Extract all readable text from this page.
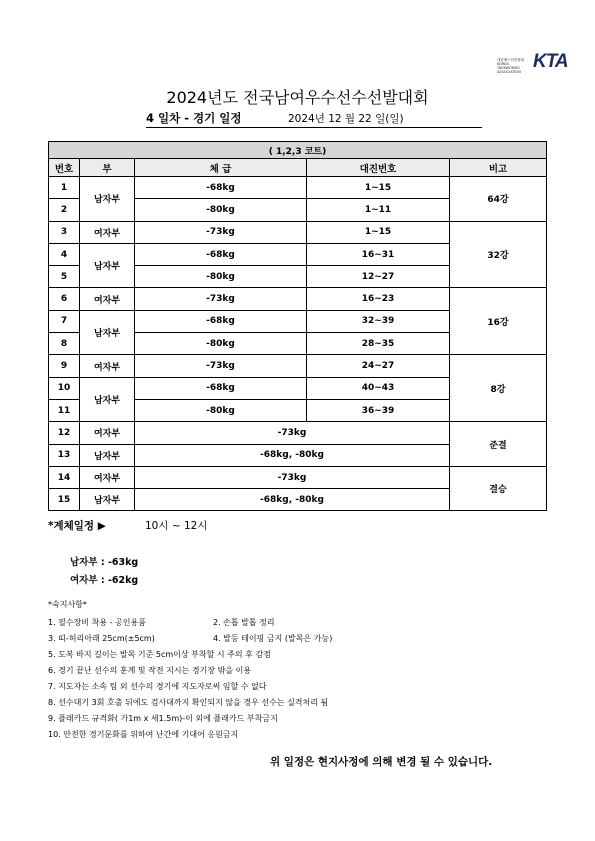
대한배드민턴협회 KOREA TAEKWONDO ASSOCIATION KTA
2024년도 전국남여우수선수선발대회
4 일차 - 경기 일정	2024년 12 월 22 일(일)
( 1,2,3 코트)				
번호	부	체 급	대진번호	비고
1	남자부	-68kg	1~15	64강
2		-80kg	1~11	
3	여자부	-73kg	1~15	32강
4	남자부	-68kg	16~31	
5		-80kg	12~27	
6	여자부	-73kg	16~23	16강
7	남자부	-68kg	32~39	
8		-80kg	28~35	
9	여자부	-73kg	24~27	8강
10	남자부	-68kg	40~43	
11		-80kg	36~39	
12	여자부	-73kg		준결
13	남자부	-68kg, -80kg		
14	여자부	-73kg		결승
15	남자부	-68kg, -80kg		
*계체일정 ▶	10시 ~ 12시
남자부 : -63kg
여자부 : -62kg
*숙지사항*
1. 필수장비 착용 - 공인용품	2. 손톱 발톱 정리
3. 띠-허리아래 25cm(±5cm)	4. 발등 테이핑 금지 (발목은 가능)
5. 도복 바지 길이는 발목 기준 5cm이상 부착할 시 주의 후 감점
6. 경기 끝난 선수의 훈계 및 작전 지시는 경기장 밖을 이용
7. 지도자는 소속 팀 외 선수의 경기에 지도자로써 임할 수 없다
8. 선수대기 3회 호출 뒤에도 검사대까지 확인되지 않을 경우 선수는 실격처리 됨
9. 플래카드 규격화( 가1m x 세1.5m)-이 외에 플래카드 부착금지
10. 안전한 경기문화를 위하여 난간에 기대어 응원금지
위 일정은 현지사정에 의해 변경 될 수 있습니다.
